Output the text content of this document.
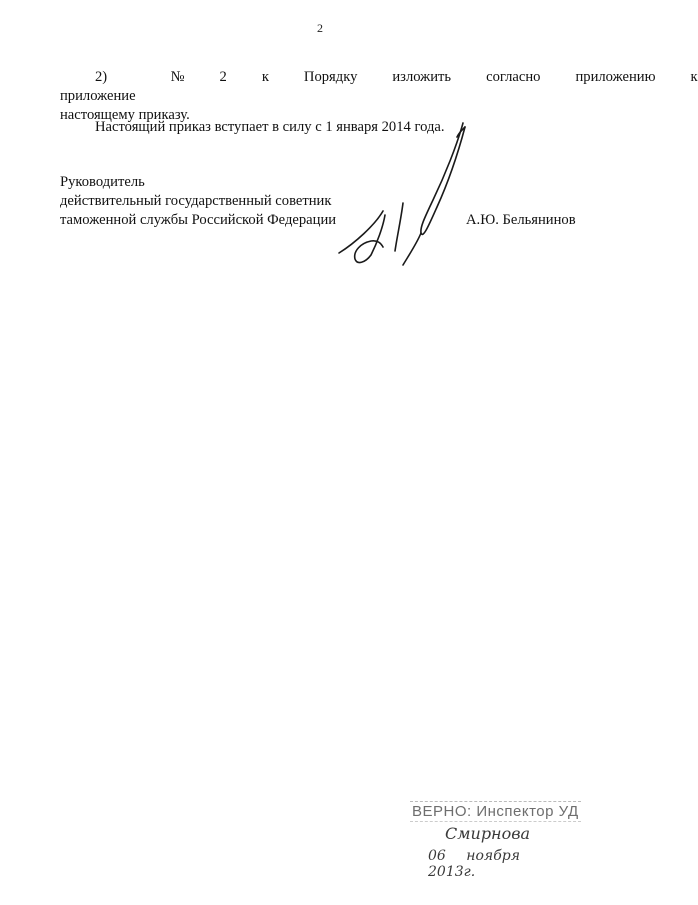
2
2) приложение
№	2	к	Порядку	изложить	согласно	приложению	к
настоящему приказу.
Настоящий приказ вступает в силу с 1 января 2014 года.
Руководитель
действительный государственный советник
таможенной службы Российской Федерации	А.Ю. Бельянинов
ВЕРНО: Инспектор УД
Смирнова
06 ноября 2013г.
